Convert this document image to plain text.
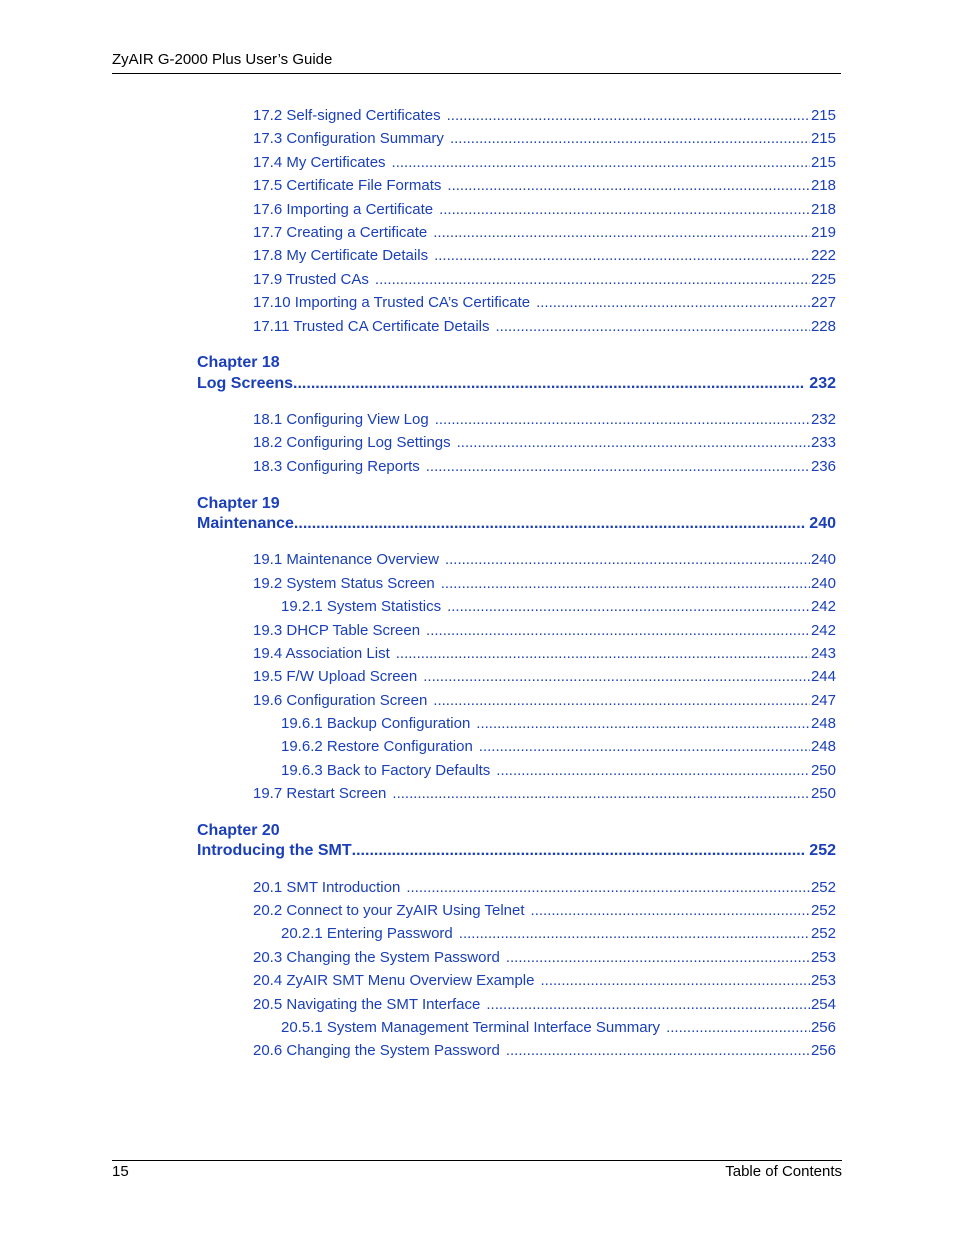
ZyAIR G-2000 Plus User’s Guide
17.2 Self-signed Certificates .....	215
17.3 Configuration Summary .....	215
17.4 My Certificates .....	215
17.5 Certificate File Formats .....	218
17.6 Importing a Certificate .....	218
17.7 Creating a Certificate .....	219
17.8 My Certificate Details .....	222
17.9 Trusted CAs .....	225
17.10 Importing a Trusted CA’s Certificate .....	227
17.11 Trusted CA Certificate Details .....	228
Chapter 18
Log Screens .....	232
18.1 Configuring View Log .....	232
18.2 Configuring Log Settings .....	233
18.3 Configuring Reports .....	236
Chapter 19
Maintenance .....	240
19.1 Maintenance Overview .....	240
19.2 System Status Screen .....	240
19.2.1 System Statistics .....	242
19.3 DHCP Table Screen .....	242
19.4 Association List .....	243
19.5 F/W Upload Screen .....	244
19.6 Configuration Screen .....	247
19.6.1 Backup Configuration .....	248
19.6.2 Restore Configuration .....	248
19.6.3 Back to Factory Defaults .....	250
19.7 Restart Screen .....	250
Chapter 20
Introducing the SMT .....	252
20.1 SMT Introduction .....	252
20.2 Connect to your ZyAIR Using Telnet .....	252
20.2.1 Entering Password .....	252
20.3 Changing the System Password .....	253
20.4 ZyAIR SMT Menu Overview Example .....	253
20.5 Navigating the SMT Interface .....	254
20.5.1 System Management Terminal Interface Summary .....	256
20.6 Changing the System Password .....	256
15	Table of Contents
